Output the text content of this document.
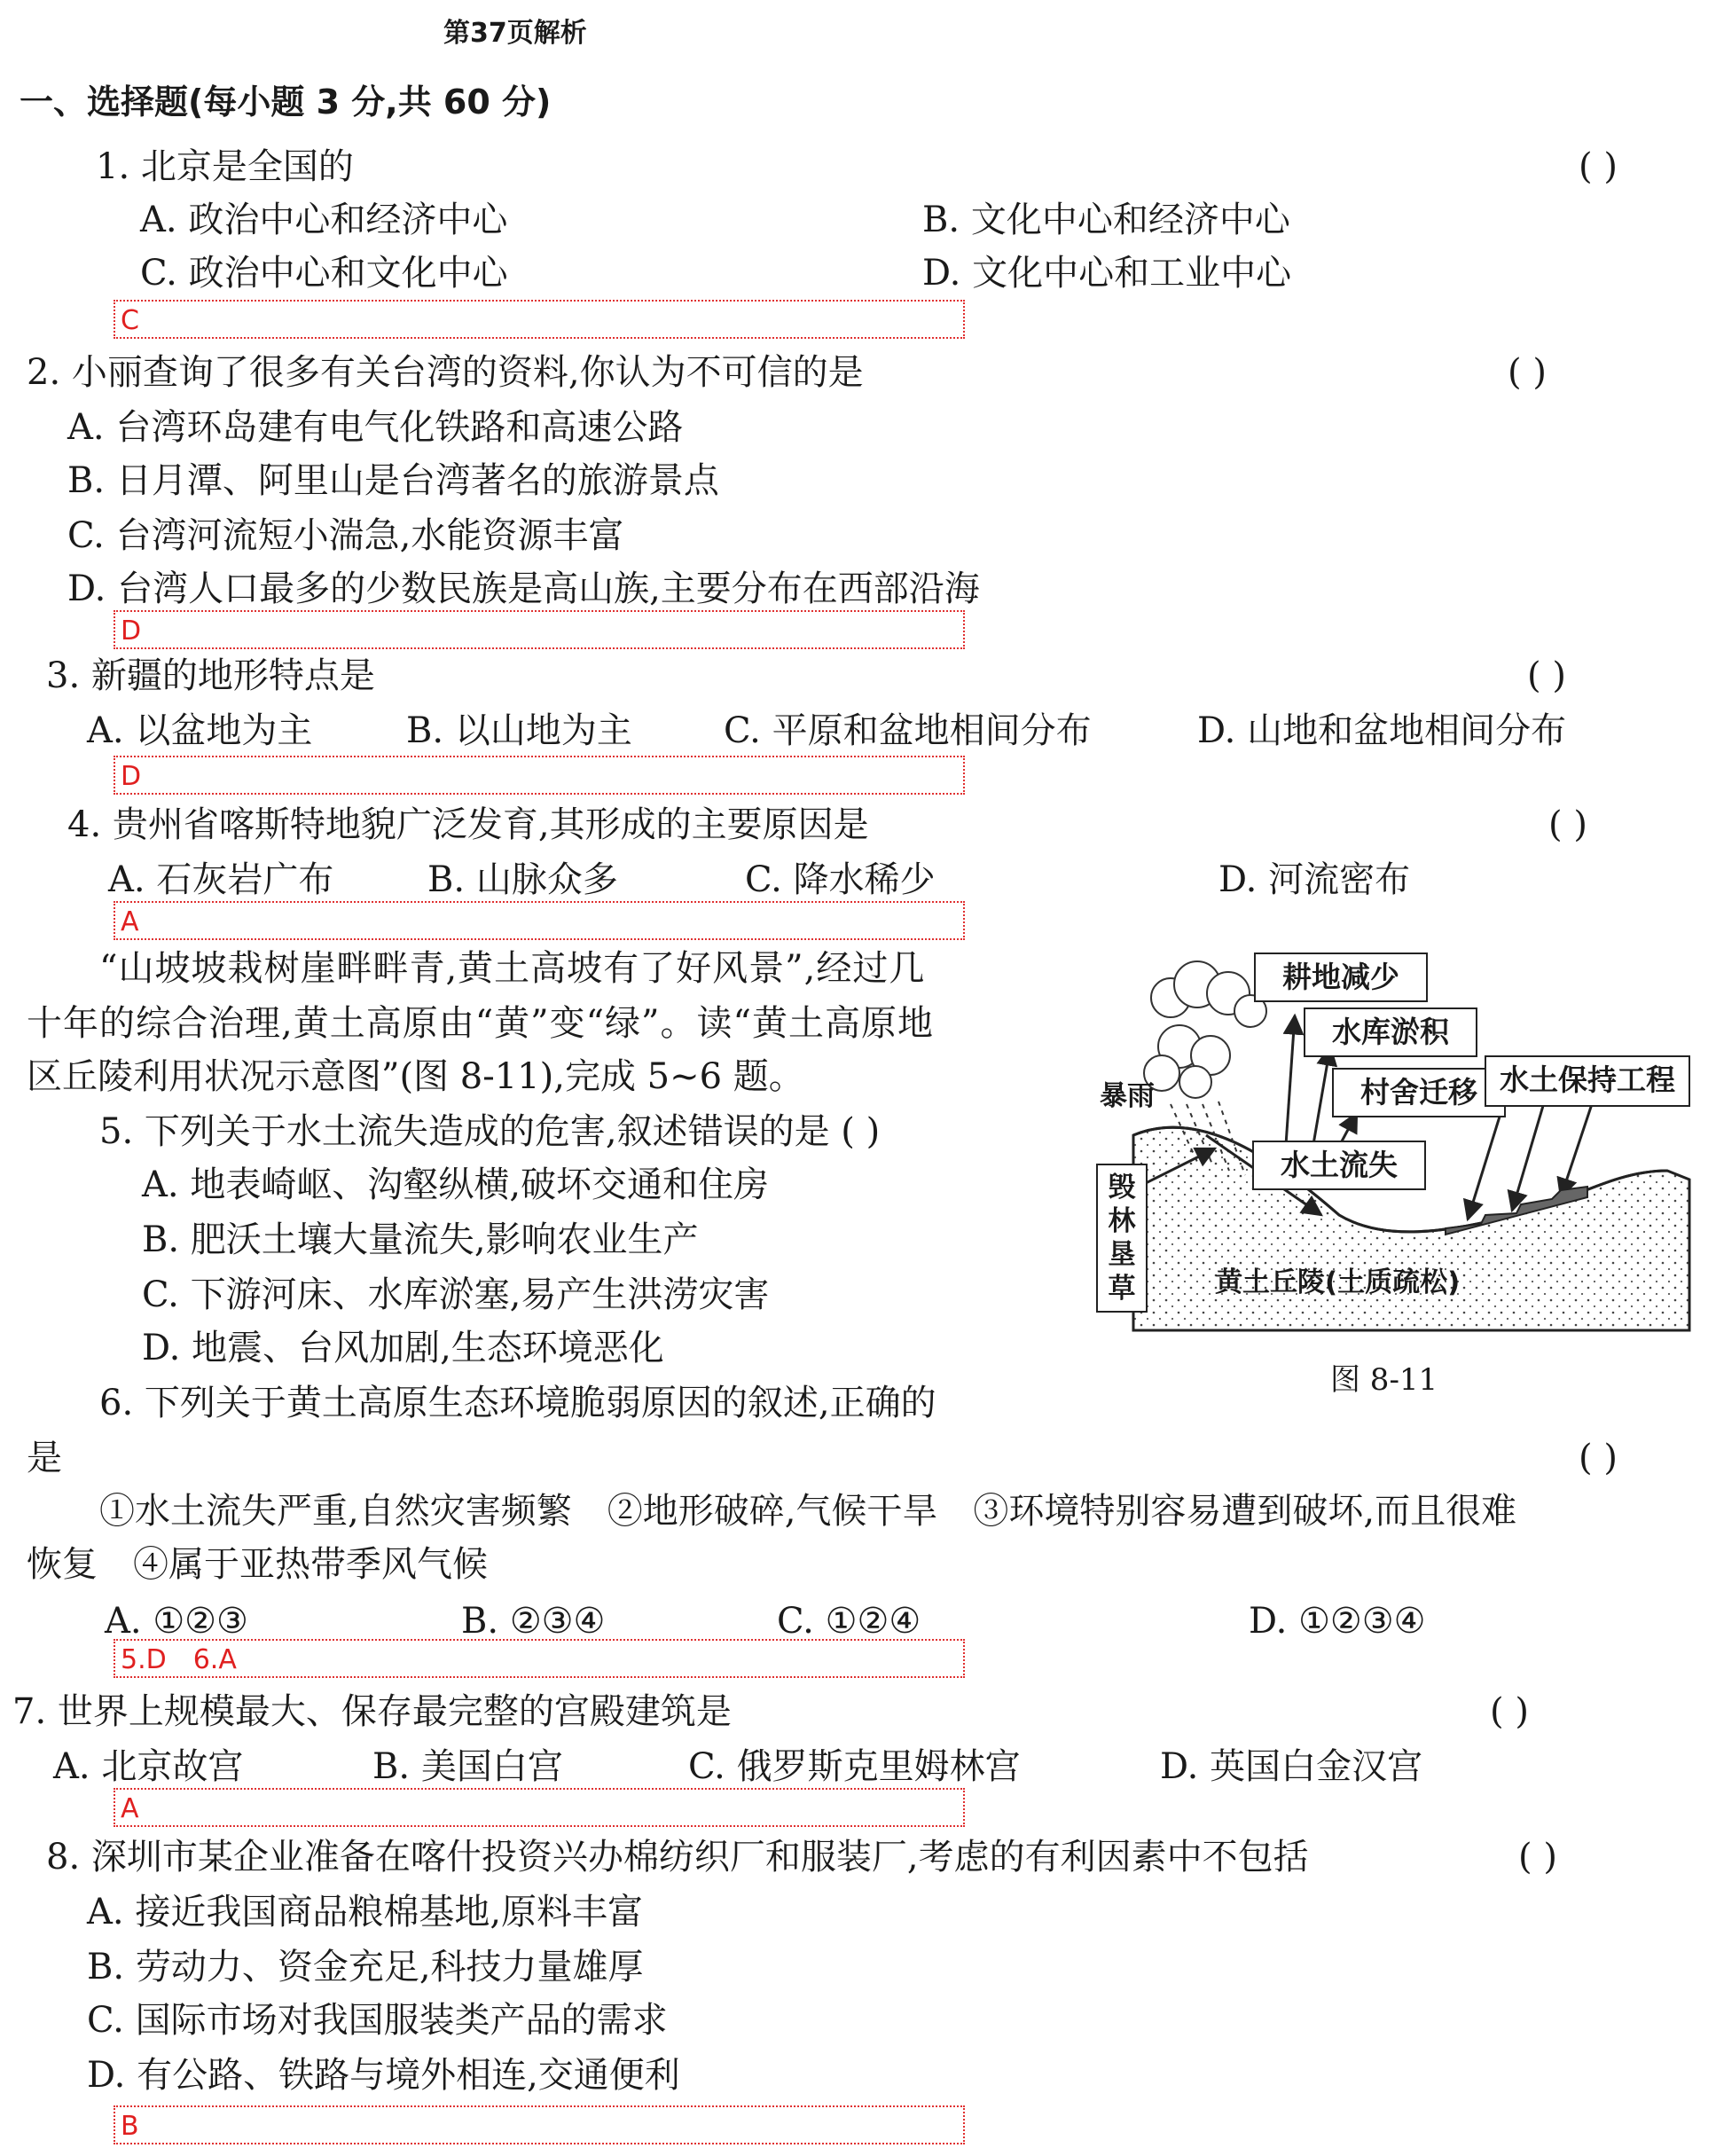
第37页解析
一、选择题(每小题 3 分,共 60 分)
1. 北京是全国的	( )
A. 政治中心和经济中心	B. 文化中心和经济中心
C. 政治中心和文化中心	D. 文化中心和工业中心
C
2. 小丽查询了很多有关台湾的资料,你认为不可信的是	( )
A. 台湾环岛建有电气化铁路和高速公路
B. 日月潭、阿里山是台湾著名的旅游景点
C. 台湾河流短小湍急,水能资源丰富
D. 台湾人口最多的少数民族是高山族,主要分布在西部沿海
D
3. 新疆的地形特点是	( )
A. 以盆地为主	B. 以山地为主	C. 平原和盆地相间分布	D. 山地和盆地相间分布
D
4. 贵州省喀斯特地貌广泛发育,其形成的主要原因是	( )
A. 石灰岩广布	B. 山脉众多	C. 降水稀少	D. 河流密布
A
“山坡坡栽树崖畔畔青,黄土高坡有了好风景”,经过几
十年的综合治理,黄土高原由“黄”变“绿”。读“黄土高原地
区丘陵利用状况示意图”(图 8-11),完成 5~6 题。
5. 下列关于水土流失造成的危害,叙述错误的是 ( )
A. 地表崎岖、沟壑纵横,破坏交通和住房
B. 肥沃土壤大量流失,影响农业生产
C. 下游河床、水库淤塞,易产生洪涝灾害
D. 地震、台风加剧,生态环境恶化
6. 下列关于黄土高原生态环境脆弱原因的叙述,正确的
是	( )
①水土流失严重,自然灾害频繁　②地形破碎,气候干旱　③环境特别容易遭到破坏,而且很难
恢复　④属于亚热带季风气候
A. ①②③	B. ②③④	C. ①②④	D. ①②③④
5.D　6.A
7. 世界上规模最大、保存最完整的宫殿建筑是	( )
A. 北京故宫	B. 美国白宫	C. 俄罗斯克里姆林宫	D. 英国白金汉宫
A
8. 深圳市某企业准备在喀什投资兴办棉纺织厂和服装厂,考虑的有利因素中不包括	( )
A. 接近我国商品粮棉基地,原料丰富
B. 劳动力、资金充足,科技力量雄厚
C. 国际市场对我国服装类产品的需求
D. 有公路、铁路与境外相连,交通便利
B
暴雨
毁林垦草	黄土丘陵(土质疏松)
耕地减少
水库淤积
村舍迁移
水土流失
水土保持工程
图 8-11
